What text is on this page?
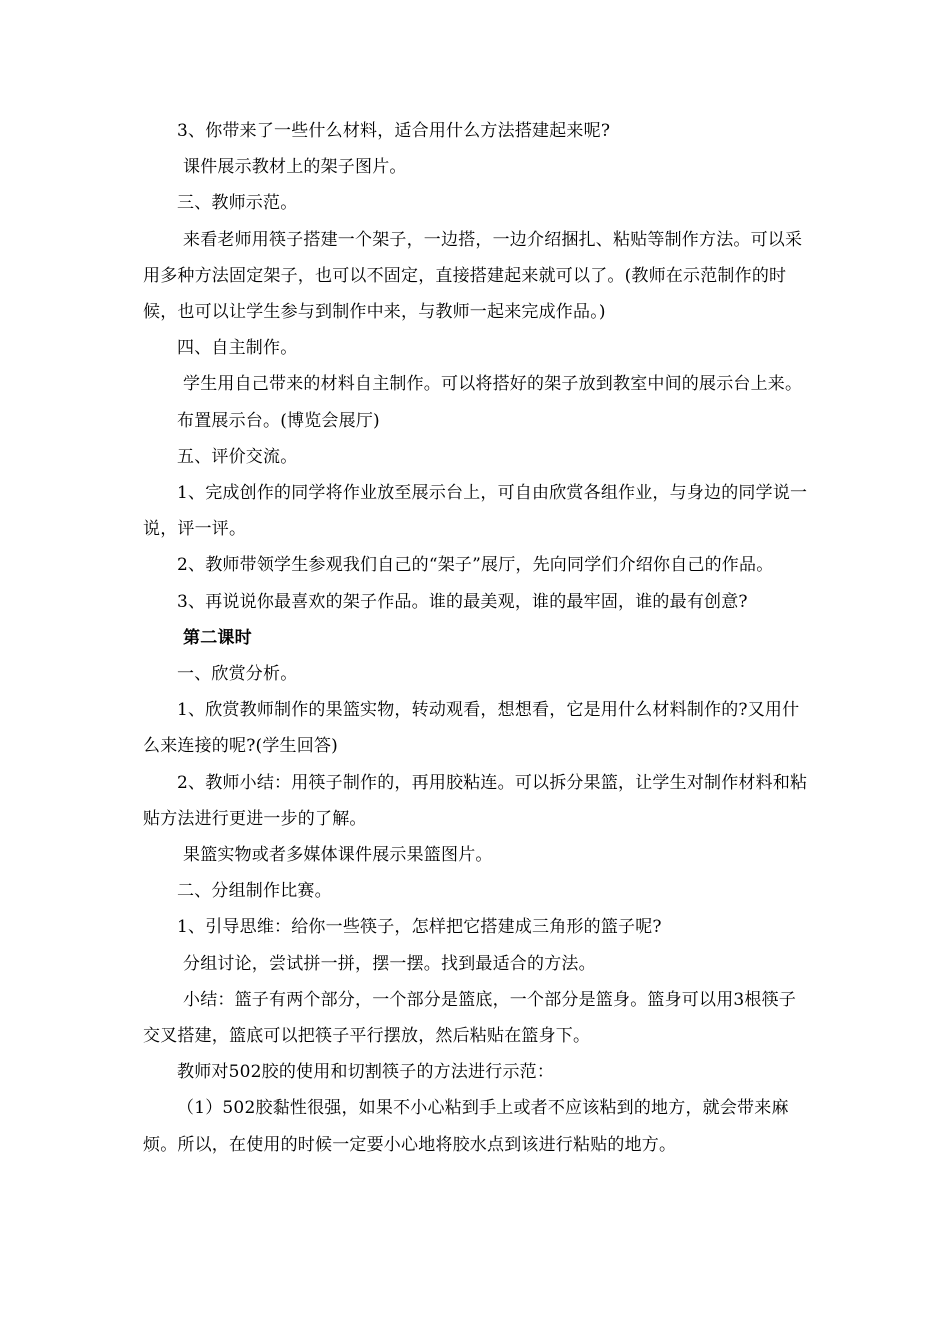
3、你带来了一些什么材料，适合用什么方法搭建起来呢?

课件展示教材上的架子图片。

三、教师示范。

来看老师用筷子搭建一个架子，一边搭，一边介绍捆扎、粘贴等制作方法。可以采用多种方法固定架子，也可以不固定，直接搭建起来就可以了。(教师在示范制作的时候，也可以让学生参与到制作中来，与教师一起来完成作品。)

四、自主制作。

学生用自己带来的材料自主制作。可以将搭好的架子放到教室中间的展示台上来。

布置展示台。(博览会展厅)

五、评价交流。

1、完成创作的同学将作业放至展示台上，可自由欣赏各组作业，与身边的同学说一说，评一评。

2、教师带领学生参观我们自己的“架子”展厅，先向同学们介绍你自己的作品。

3、再说说你最喜欢的架子作品。谁的最美观，谁的最牢固，谁的最有创意?

第二课时

一、欣赏分析。

1、欣赏教师制作的果篮实物，转动观看，想想看，它是用什么材料制作的?又用什么来连接的呢?(学生回答)

2、教师小结：用筷子制作的，再用胶粘连。可以拆分果篮，让学生对制作材料和粘贴方法进行更进一步的了解。

果篮实物或者多媒体课件展示果篮图片。

二、分组制作比赛。

1、引导思维：给你一些筷子，怎样把它搭建成三角形的篮子呢?

分组讨论，尝试拼一拼，摆一摆。找到最适合的方法。

小结：篮子有两个部分，一个部分是篮底，一个部分是篮身。篮身可以用3根筷子交叉搭建，篮底可以把筷子平行摆放，然后粘贴在篮身下。

教师对502胶的使用和切割筷子的方法进行示范：

（1）502胶黏性很强，如果不小心粘到手上或者不应该粘到的地方，就会带来麻烦。所以，在使用的时候一定要小心地将胶水点到该进行粘贴的地方。
